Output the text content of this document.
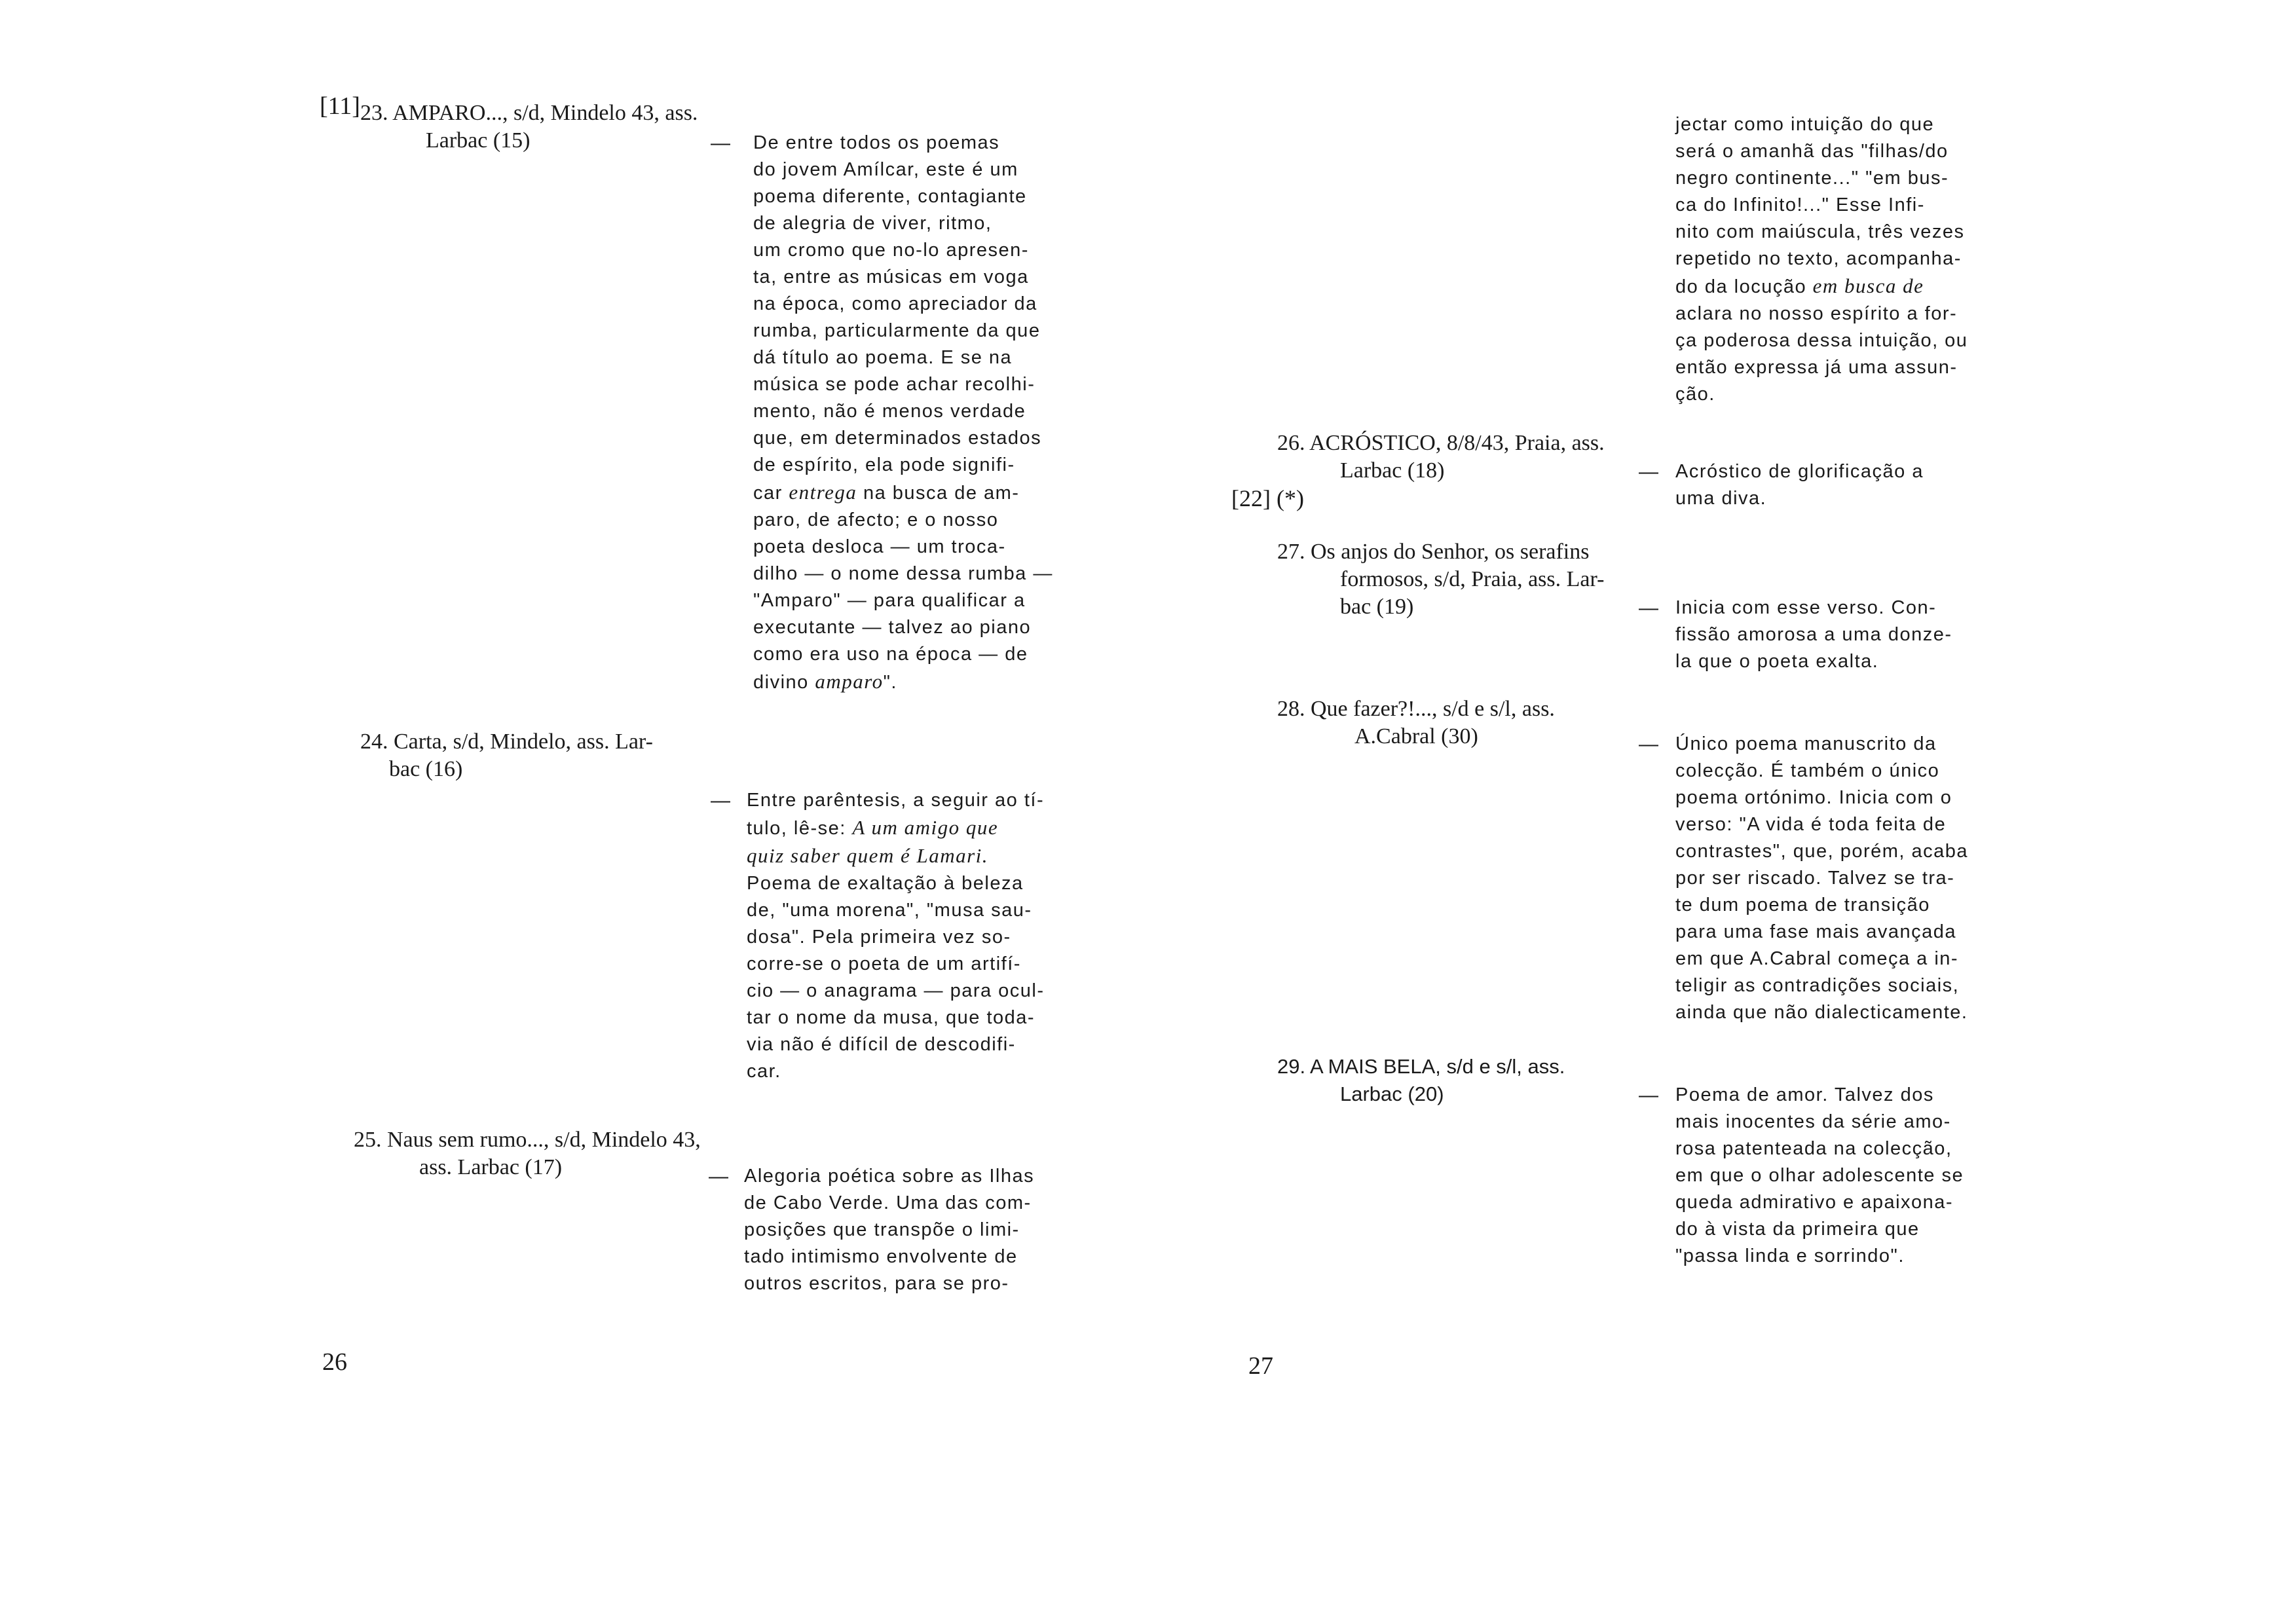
[11] 23. AMPARO..., s/d, Mindelo 43, ass.
Larbac (15)	— De entre todos os poemas
do jovem Amílcar, este é um
poema diferente, contagiante
de alegria de viver, ritmo,
um cromo que no-lo apresen-
ta, entre as músicas em voga
na época, como apreciador da
rumba, particularmente da que
dá título ao poema. E se na
música se pode achar recolhi-
mento, não é menos verdade
que, em determinados estados
de espírito, ela pode signifi-
car entrega na busca de am-
paro, de afecto; e o nosso
poeta desloca — um troca-
dilho — o nome dessa rumba —
"Amparo" — para qualificar a
executante — talvez ao piano
como era uso na época — de
divino amparo".
24. Carta, s/d, Mindelo, ass. Lar-
bac (16)
— Entre parêntesis, a seguir ao tí-
tulo, lê-se: A um amigo que
quiz saber quem é Lamari.
Poema de exaltação à beleza
de, "uma morena", "musa sau-
dosa". Pela primeira vez so-
corre-se o poeta de um artifí-
cio — o anagrama — para ocul-
tar o nome da musa, que toda-
via não é difícil de descodifi-
car.
25. Naus sem rumo..., s/d, Mindelo 43,
ass. Larbac (17)	— Alegoria poética sobre as Ilhas
de Cabo Verde. Uma das com-
posições que transpõe o limi-
tado intimismo envolvente de
outros escritos, para se pro-
26
jectar como intuição do que
será o amanhã das "filhas/do
negro continente..." "em bus-
ca do Infinito!..." Esse Infi-
nito com maiúscula, três vezes
repetido no texto, acompanha-
do da locução em busca de
aclara no nosso espírito a for-
ça poderosa dessa intuição, ou
então expressa já uma assun-
ção.
26. ACRÓSTICO, 8/8/43, Praia, ass.
Larbac (18)
[22] (*)
— Acróstico de glorificação a
uma diva.
27. Os anjos do Senhor, os serafins
formosos, s/d, Praia, ass. Lar-
bac (19)	— Inicia com esse verso. Con-
fissão amorosa a uma donze-
la que o poeta exalta.
28. Que fazer?!..., s/d e s/l, ass.
A.Cabral (30)	— Único poema manuscrito da
colecção. É também o único
poema ortónimo. Inicia com o
verso: "A vida é toda feita de
contrastes", que, porém, acaba
por ser riscado. Talvez se tra-
te dum poema de transição
para uma fase mais avançada
em que A.Cabral começa a in-
teligir as contradições sociais,
ainda que não dialecticamente.
29. A MAIS BELA, s/d e s/l, ass.
Larbac (20)	— Poema de amor. Talvez dos
mais inocentes da série amo-
rosa patenteada na colecção,
em que o olhar adolescente se
queda admirativo e apaixona-
do à vista da primeira que
"passa linda e sorrindo".
27
